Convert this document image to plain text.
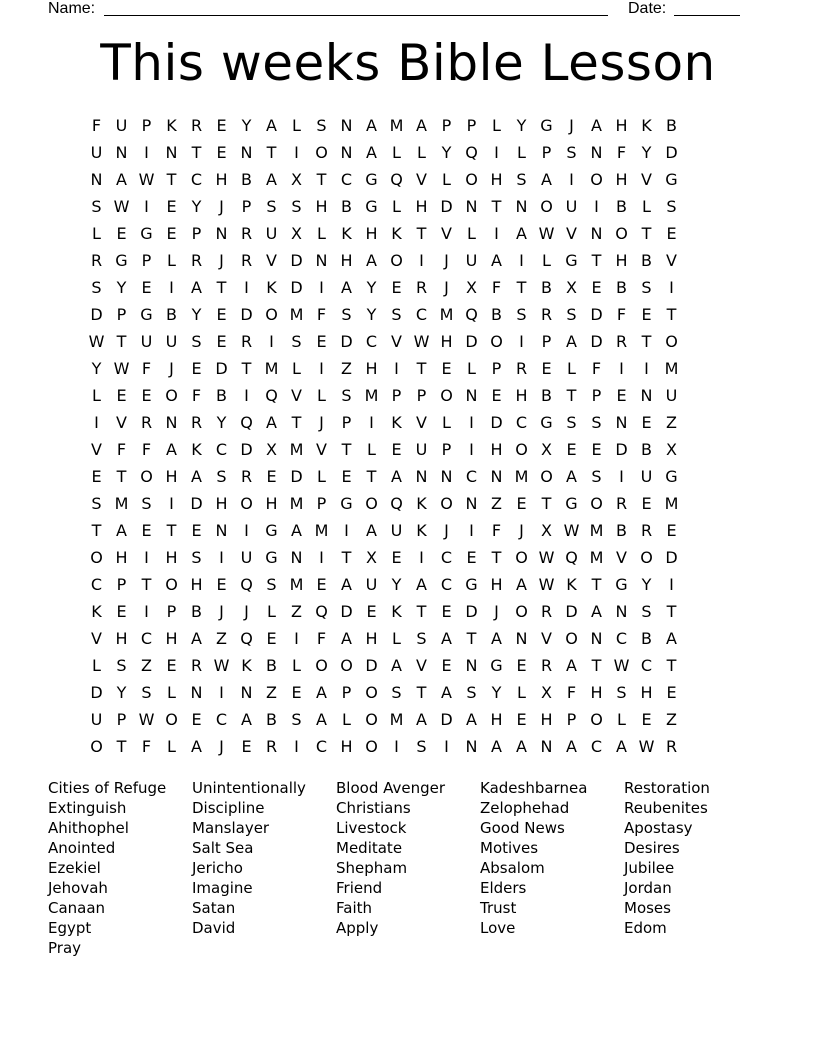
Name:	Date:
This weeks Bible Lesson
F U P K R E Y A L S N A M A P P L Y G	J	A H K B
U N	I	N T E N T	I	O N A L	L Y Q	I	L P S N F Y D
N A W T C H B A X T C G Q V L O H S A	I	O H V G
S W I	E Y	J	P S S H B G L H D N T N O U	I	B L S
L E G E P N R U X L K H K T V L	I	A W V N O T E
R G P L R	J	R V D N H A O	I	J	U A	I	L G T H B V
S Y E	I	A T	I	K D	I	A Y E R	J	X F T B X E B S	I
D P G B Y E D O M F S Y S C M Q B S R S D F E T
W T U U S E R	I	S E D C V W H D O	I	P A D R T O
Y W F	J	E D T M L	I	Z H	I	T E L P R E L F	I	I M
L E E O F B	I	Q V L S M P P O N E H B T P E N U
I	V R N R Y Q A T	J	P	I	K V L	I	D C G S S N E Z
V F F A K C D X M V T L E U P	I	H O X E E D B X
E T O H A S R E D L E T A N N C N M O A S	I	U G
S M S	I	D H O H M P G O Q K O N Z E T G O R E M
T A E T E N	I	G A M I	A U K	J	I	F	J	X W M B R E
O H	I	H S	I	U G N	I	T X E	I	C E T O W Q M V O D
C P T O H E Q S M E A U Y A C G H A W K T G Y	I
K E	I	P B	J	J	L Z Q D E K T E D	J	O R D A N S T
V H C H A Z Q E	I	F A H L S A T A N V O N C B A
L S Z E R W K B L O O D A V E N G E R A T W C T
D Y S L N	I	N Z E A P O S T A S Y L X F H S H E
U P W O E C A B S A L O M A D A H E H P O L E Z
O T F L A	J	E R	I	C H O	I	S	I	N A A N A C A W R
Cities of Refuge
Extinguish
Ahithophel
Anointed
Ezekiel
Jehovah
Canaan
Egypt
Pray
Unintentionally
Discipline
Manslayer
Salt Sea
Jericho
Imagine
Satan
David
Blood Avenger
Christians
Livestock
Meditate
Shepham
Friend
Faith
Apply
Kadeshbarnea
Zelophehad
Good News
Motives
Absalom
Elders
Trust
Love
Restoration
Reubenites
Apostasy
Desires
Jubilee
Jordan
Moses
Edom
